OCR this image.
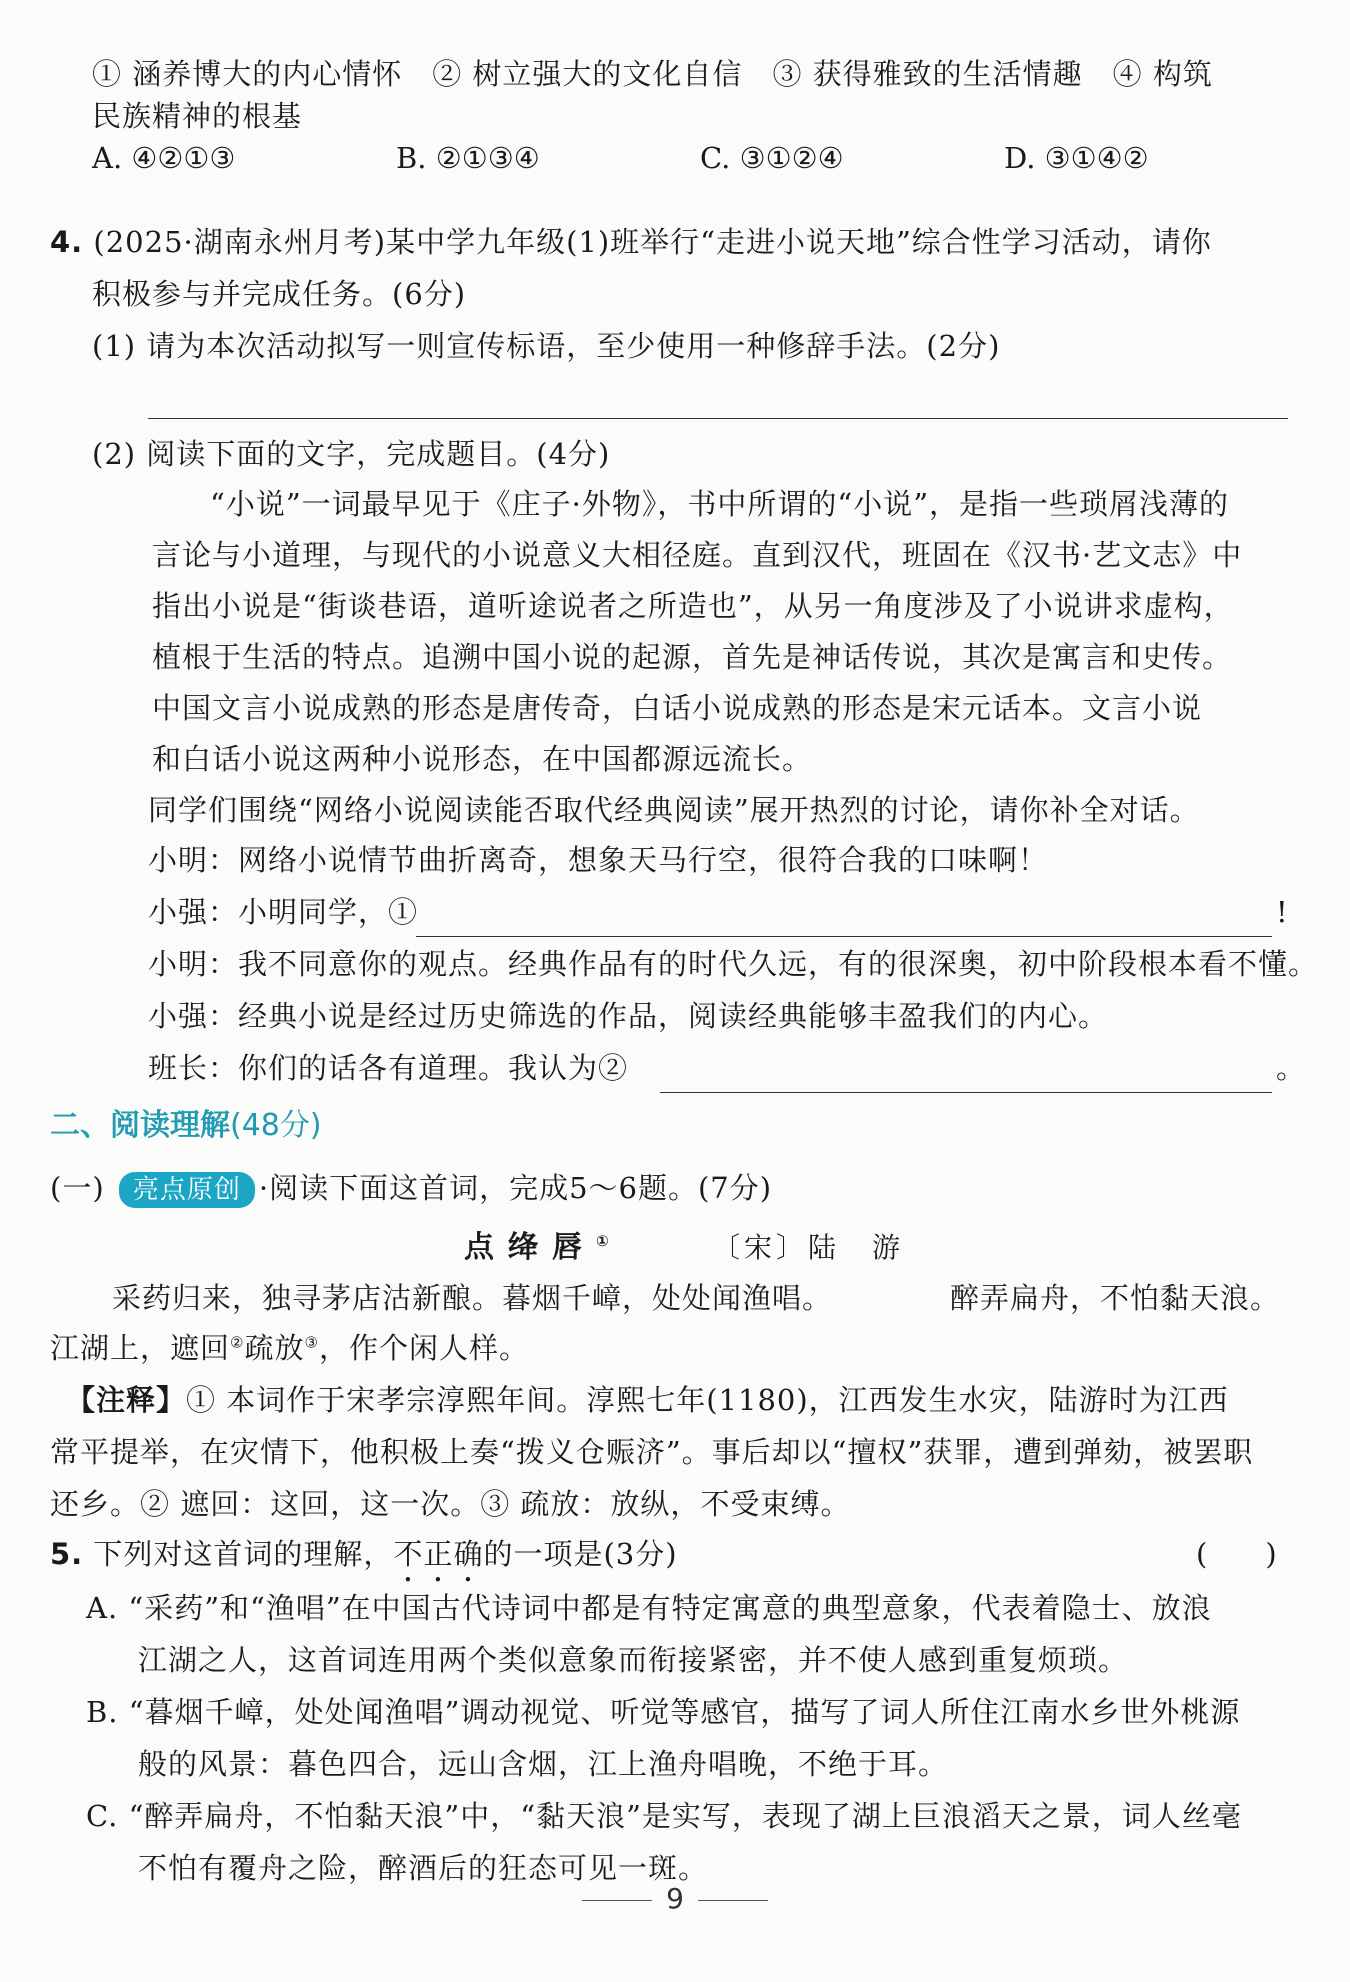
① 涵养博大的内心情怀　② 树立强大的文化自信　③ 获得雅致的生活情趣　④ 构筑
民族精神的根基
A. ④②①③	B. ②①③④	C. ③①②④	D. ③①④②
4. (2025·湖南永州月考)某中学九年级(1)班举行“走进小说天地”综合性学习活动，请你
积极参与并完成任务。(6分)
(1) 请为本次活动拟写一则宣传标语，至少使用一种修辞手法。(2分)
(2) 阅读下面的文字，完成题目。(4分)
“小说”一词最早见于《庄子·外物》，书中所谓的“小说”，是指一些琐屑浅薄的
言论与小道理，与现代的小说意义大相径庭。直到汉代，班固在《汉书·艺文志》中
指出小说是“街谈巷语，道听途说者之所造也”，从另一角度涉及了小说讲求虚构，
植根于生活的特点。追溯中国小说的起源，首先是神话传说，其次是寓言和史传。
中国文言小说成熟的形态是唐传奇，白话小说成熟的形态是宋元话本。文言小说
和白话小说这两种小说形态，在中国都源远流长。
同学们围绕“网络小说阅读能否取代经典阅读”展开热烈的讨论，请你补全对话。
小明：网络小说情节曲折离奇，想象天马行空，很符合我的口味啊！
小强：小明同学，①	!
小明：我不同意你的观点。经典作品有的时代久远，有的很深奥，初中阶段根本看不懂。
小强：经典小说是经过历史筛选的作品，阅读经典能够丰盈我们的内心。
班长：你们的话各有道理。我认为②	。
二、阅读理解(48分)
(一) 亮点原创 ·阅读下面这首词，完成5～6题。(7分)
点绛唇①	〔宋〕陆　游
采药归来，独寻茅店沽新酿。暮烟千嶂，处处闻渔唱。	醉弄扁舟，不怕黏天浪。
江湖上，遮回②疏放③，作个闲人样。
【注释】① 本词作于宋孝宗淳熙年间。淳熙七年(1180)，江西发生水灾，陆游时为江西
常平提举，在灾情下，他积极上奏“拨义仓赈济”。事后却以“擅权”获罪，遭到弹劾，被罢职
还乡。② 遮回：这回，这一次。③ 疏放：放纵，不受束缚。
5. 下列对这首词的理解，不正确的一项是(3分)	(　　)
A. “采药”和“渔唱”在中国古代诗词中都是有特定寓意的典型意象，代表着隐士、放浪
江湖之人，这首词连用两个类似意象而衔接紧密，并不使人感到重复烦琐。
B. “暮烟千嶂，处处闻渔唱”调动视觉、听觉等感官，描写了词人所住江南水乡世外桃源
般的风景：暮色四合，远山含烟，江上渔舟唱晚，不绝于耳。
C. “醉弄扁舟，不怕黏天浪”中，“黏天浪”是实写，表现了湖上巨浪滔天之景，词人丝毫
不怕有覆舟之险，醉酒后的狂态可见一斑。
9
